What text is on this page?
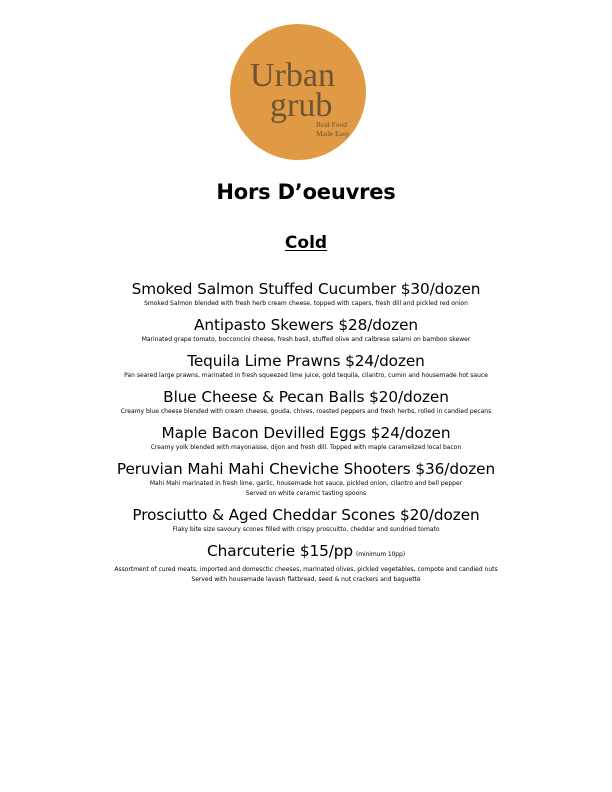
Urban
grub
Real Food
Made Easy
Hors D’oeuvres
Cold
Smoked Salmon Stuffed Cucumber $30/dozen
Smoked Salmon blended with fresh herb cream cheese, topped with capers, fresh dill and pickled red onion
Antipasto Skewers $28/dozen
Marinated grape tomato, bocconcini cheese, fresh basil, stuffed olive and calbrese salami on bamboo skewer
Tequila Lime Prawns $24/dozen
Pan seared large prawns, marinated in fresh squeezed lime juice, gold tequila, cilantro, cumin and housemade hot sauce
Blue Cheese & Pecan Balls $20/dozen
Creamy blue cheese blended with cream cheese, gouda, chives, roasted peppers and fresh herbs, rolled in candied pecans
Maple Bacon Devilled Eggs $24/dozen
Creamy yolk blended with mayonaisse, dijon and fresh dill. Topped with maple caramelized local bacon
Peruvian Mahi Mahi Cheviche Shooters $36/dozen
Mahi Mahi marinated in fresh lime, garlic, housemade hot sauce, pickled onion, cilantro and bell pepper
Served on white ceramic tasting spoons
Prosciutto & Aged Cheddar Scones $20/dozen
Flaky bite size savoury scones filled with crispy proscuitto, cheddar and sundried tomato
Charcuterie $15/pp (minimum 10pp)
Assortment of cured meats, imported and domesctic cheeses, marinated olives, pickled vegetables, compote and candied nuts
Served with housemade lavash flatbread, seed & nut crackers and baguette
